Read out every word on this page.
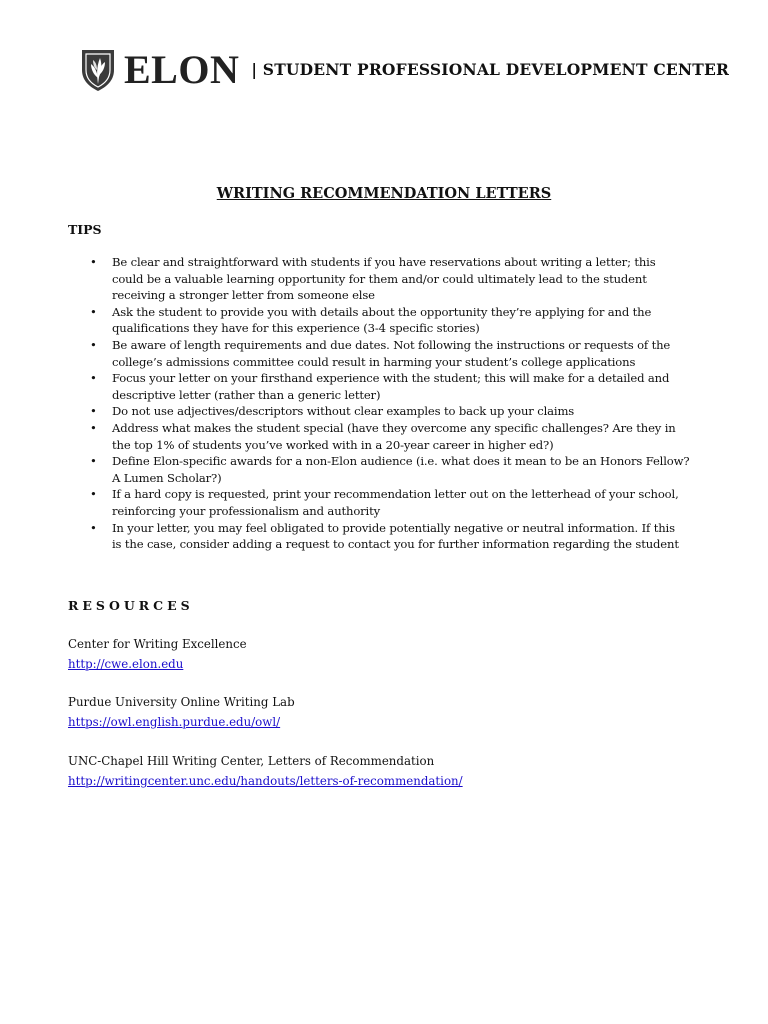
ELON | STUDENT PROFESSIONAL DEVELOPMENT CENTER
WRITING RECOMMENDATION LETTERS
TIPS
• Be clear and straightforward with students if you have reservations about writing a letter; this
could be a valuable learning opportunity for them and/or could ultimately lead to the student
receiving a stronger letter from someone else
• Ask the student to provide you with details about the opportunity they’re applying for and the
qualifications they have for this experience (3-4 specific stories)
• Be aware of length requirements and due dates. Not following the instructions or requests of the
college’s admissions committee could result in harming your student’s college applications
• Focus your letter on your firsthand experience with the student; this will make for a detailed and
descriptive letter (rather than a generic letter)
• Do not use adjectives/descriptors without clear examples to back up your claims
• Address what makes the student special (have they overcome any specific challenges? Are they in
the top 1% of students you’ve worked with in a 20-year career in higher ed?)
• Define Elon-specific awards for a non-Elon audience (i.e. what does it mean to be an Honors Fellow?
A Lumen Scholar?)
• If a hard copy is requested, print your recommendation letter out on the letterhead of your school,
reinforcing your professionalism and authority
• In your letter, you may feel obligated to provide potentially negative or neutral information. If this
is the case, consider adding a request to contact you for further information regarding the student
RESOURCES
Center for Writing Excellence
http://cwe.elon.edu
Purdue University Online Writing Lab
https://owl.english.purdue.edu/owl/
UNC-Chapel Hill Writing Center, Letters of Recommendation
http://writingcenter.unc.edu/handouts/letters-of-recommendation/
